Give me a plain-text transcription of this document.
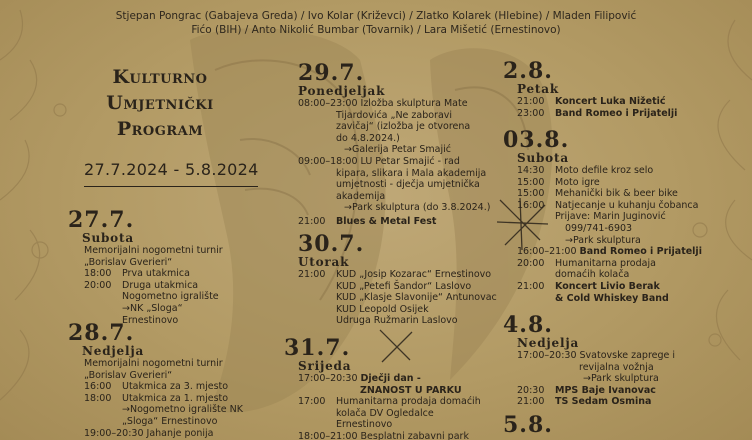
Stjepan Pongrac (Gabajeva Greda) / Ivo Kolar (Križevci) / Zlatko Kolarek (Hlebine) / Mladen Filipović
Fićo (BIH) / Anto Nikolić Bumbar (Tovarnik) / Lara Mišetić (Ernestinovo)
Kulturno
Umjetnički
Program
27.7.2024 - 5.8.2024
27.7.
Subota
Memorijalni nogometni turnir
„Borislav Gverieri“
18:00	Prva utakmica
20:00	Druga utakmica
Nogometno igralište
→NK „Sloga“ Ernestinovo
28.7.
Nedjelja
Memorijalni nogometni turnir
„Borislav Gverieri“
16:00	Utakmica za 3. mjesto
18:00	Utakmica za 1. mjesto
→Nogometno igralište NK
„Sloga“ Ernestinovo
19:00–20:30 Jahanje ponija
29.7.
Ponedjeljak
08:00–23:00 Izložba skulptura Mate
Tijardovića „Ne zaboravi
zavičaj“ (izložba je otvorena
do 4.8.2024.)
→Galerija Petar Smajić
09:00–18:00 LU Petar Smajić - rad
kipara, slikara i Mala akademija
umjetnosti - dječja umjetnička
akademija
→Park skulptura (do 3.8.2024.)
21:00	Blues & Metal Fest
30.7.
Utorak
21:00	KUD „Josip Kozarac“ Ernestinovo
KUD „Petefi Šandor“ Laslovo
KUD „Klasje Slavonije“ Antunovac
KUD Leopold Osijek
Udruga Ružmarin Laslovo
31.7.
Srijeda
17:00–20:30 Dječji dan -
ZNANOST U PARKU
17:00	Humanitarna prodaja domaćih
kolača DV Ogledalce
Ernestinovo
18:00–21:00 Besplatni zabavni park
2.8.
Petak
21:00	Koncert Luka Nižetić
23:00	Band Romeo i Prijatelji
03.8.
Subota
14:30	Moto defile kroz selo
15:00	Moto igre
15:00	Mehanički bik & beer bike
16:00	Natjecanje u kuhanju čobanca
Prijave: Marin Juginović
099/741-6903
→Park skulptura
16:00–21:00 Band Romeo i Prijatelji
20:00	Humanitarna prodaja
domaćih kolača
21:00	Koncert Livio Berak
& Cold Whiskey Band
4.8.
Nedjelja
17:00–20:30 Svatovske zaprege i
revijalna vožnja
→Park skulptura
20:30	MPS Baje Ivanovac
21:00	TS Sedam Osmina
5.8.
